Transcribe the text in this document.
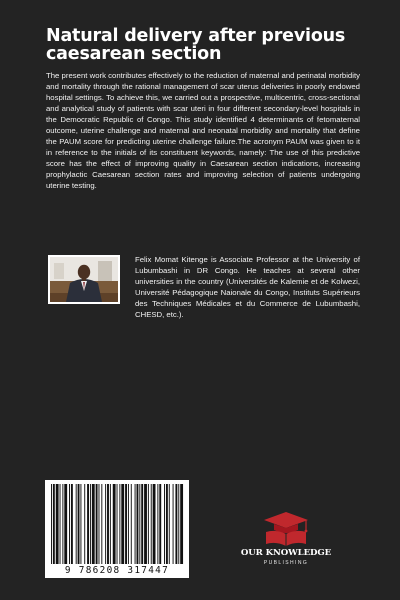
Natural delivery after previous caesarean section

The present work contributes effectively to the reduction of maternal and perinatal morbidity and mortality through the rational management of scar uterus deliveries in poorly endowed hospital settings. To achieve this, we carried out a prospective, multicentric, cross-sectional and analytical study of patients with scar uteri in four different secondary-level hospitals in the Democratic Republic of Congo. This study identified 4 determinants of fetomaternal outcome, uterine challenge and maternal and neonatal morbidity and mortality that define the PAUM score for predicting uterine challenge failure.The acronym PAUM was given to it in reference to the initials of its constituent keywords, namely: The use of this predictive score has the effect of improving quality in Caesarean section indications, increasing prophylactic Caesarean section rates and improving selection of patients undergoing uterine testing.

Felix Momat Kitenge is Associate Professor at the University of Lubumbashi in DR Congo. He teaches at several other universities in the country (Universités de Kalemie et de Kolwezi, Université Pédagogique Naionale du Congo, Instituts Supérieurs des Techniques Médicales et du Commerce de Lubumbashi, CHESD, etc.).

9 786208 317447
OUR KNOWLEDGE
PUBLISHING
